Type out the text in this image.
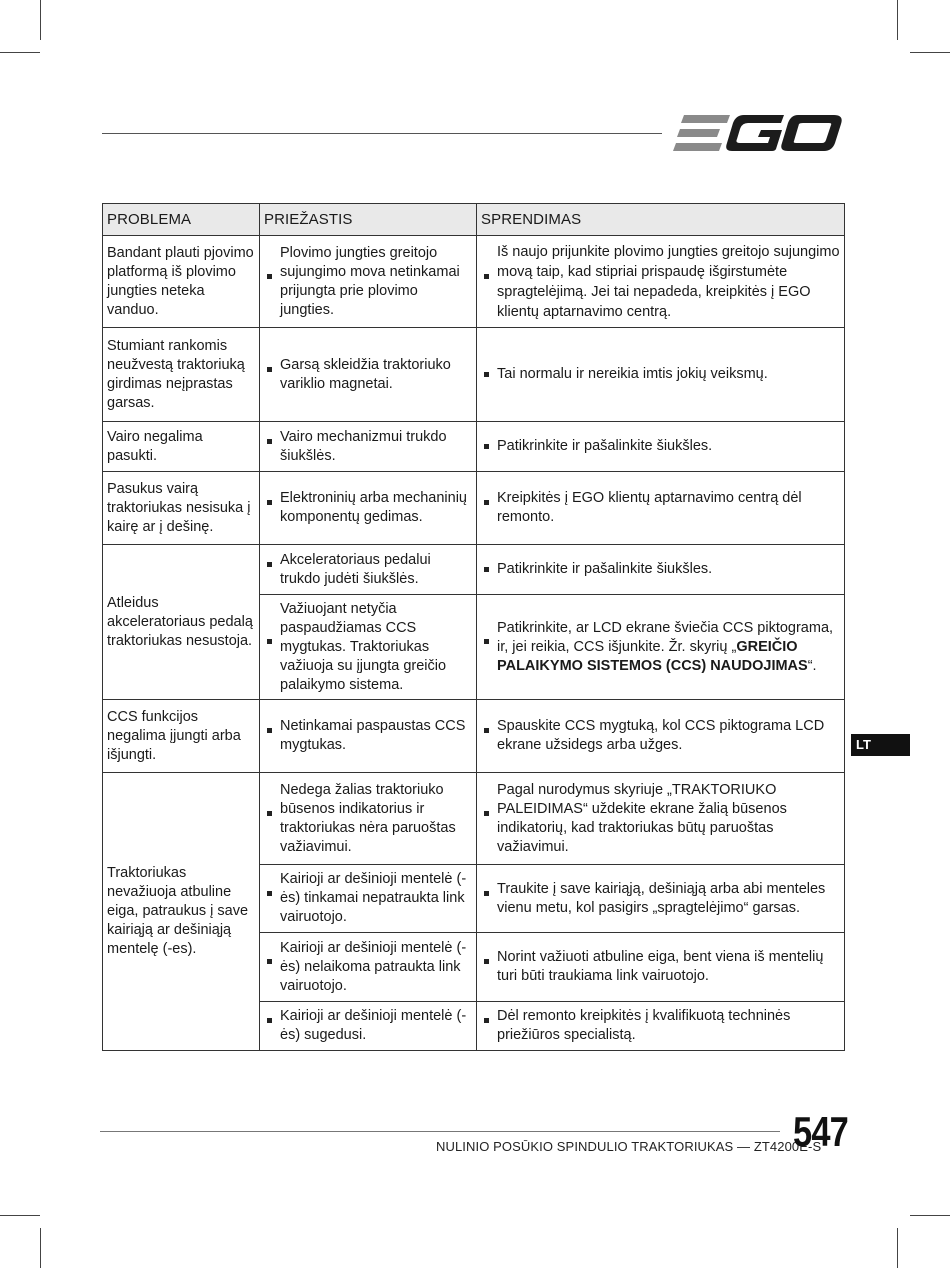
PROBLEMA	PRIEŽASTIS	SPRENDIMAS
Bandant plauti pjovimo platformą iš plovimo jungties neteka vanduo.	Plovimo jungties greitojo sujungimo mova netinkamai prijungta prie plovimo jungties.	Iš naujo prijunkite plovimo jungties greitojo sujungimo movą taip, kad stipriai prispaudę išgirstumėte spragtelėjimą. Jei tai nepadeda, kreipkitės į EGO klientų aptarnavimo centrą.
Stumiant rankomis neužvestą traktoriuką girdimas neįprastas garsas.	Garsą skleidžia traktoriuko variklio magnetai.	Tai normalu ir nereikia imtis jokių veiksmų.
Vairo negalima pasukti.	Vairo mechanizmui trukdo šiukšlės.	Patikrinkite ir pašalinkite šiukšles.
Pasukus vairą traktoriukas nesisuka į kairę ar į dešinę.	Elektroninių arba mechaninių komponentų gedimas.	Kreipkitės į EGO klientų aptarnavimo centrą dėl remonto.
Atleidus akceleratoriaus pedalą traktoriukas nesustoja.	Akceleratoriaus pedalui trukdo judėti šiukšlės.	Patikrinkite ir pašalinkite šiukšles.
	Važiuojant netyčia paspaudžiamas CCS mygtukas. Traktoriukas važiuoja su įjungta greičio palaikymo sistema.	Patikrinkite, ar LCD ekrane šviečia CCS piktograma, ir, jei reikia, CCS išjunkite. Žr. skyrių „GREIČIO PALAIKYMO SISTEMOS (CCS) NAUDOJIMAS“.
CCS funkcijos negalima įjungti arba išjungti.	Netinkamai paspaustas CCS mygtukas.	Spauskite CCS mygtuką, kol CCS piktograma LCD ekrane užsidegs arba užges.
Traktoriukas nevažiuoja atbuline eiga, patraukus į save kairiąją ar dešiniąją mentelę (-es).	Nedega žalias traktoriuko būsenos indikatorius ir traktoriukas nėra paruoštas važiavimui.	Pagal nurodymus skyriuje „TRAKTORIUKO PALEIDIMAS“ uždekite ekrane žalią būsenos indikatorių, kad traktoriukas būtų paruoštas važiavimui.
	Kairioji ar dešinioji mentelė (-ės) tinkamai nepatraukta link vairuotojo.	Traukite į save kairiąją, dešiniąją arba abi menteles vienu metu, kol pasigirs „spragtelėjimo“ garsas.
	Kairioji ar dešinioji mentelė (-ės) nelaikoma patraukta link vairuotojo.	Norint važiuoti atbuline eiga, bent viena iš mentelių turi būti traukiama link vairuotojo.
	Kairioji ar dešinioji mentelė (-ės) sugedusi.	Dėl remonto kreipkitės į kvalifikuotą techninės priežiūros specialistą.
LT
NULINIO POSŪKIO SPINDULIO TRAKTORIUKAS — ZT4200E-S
547
